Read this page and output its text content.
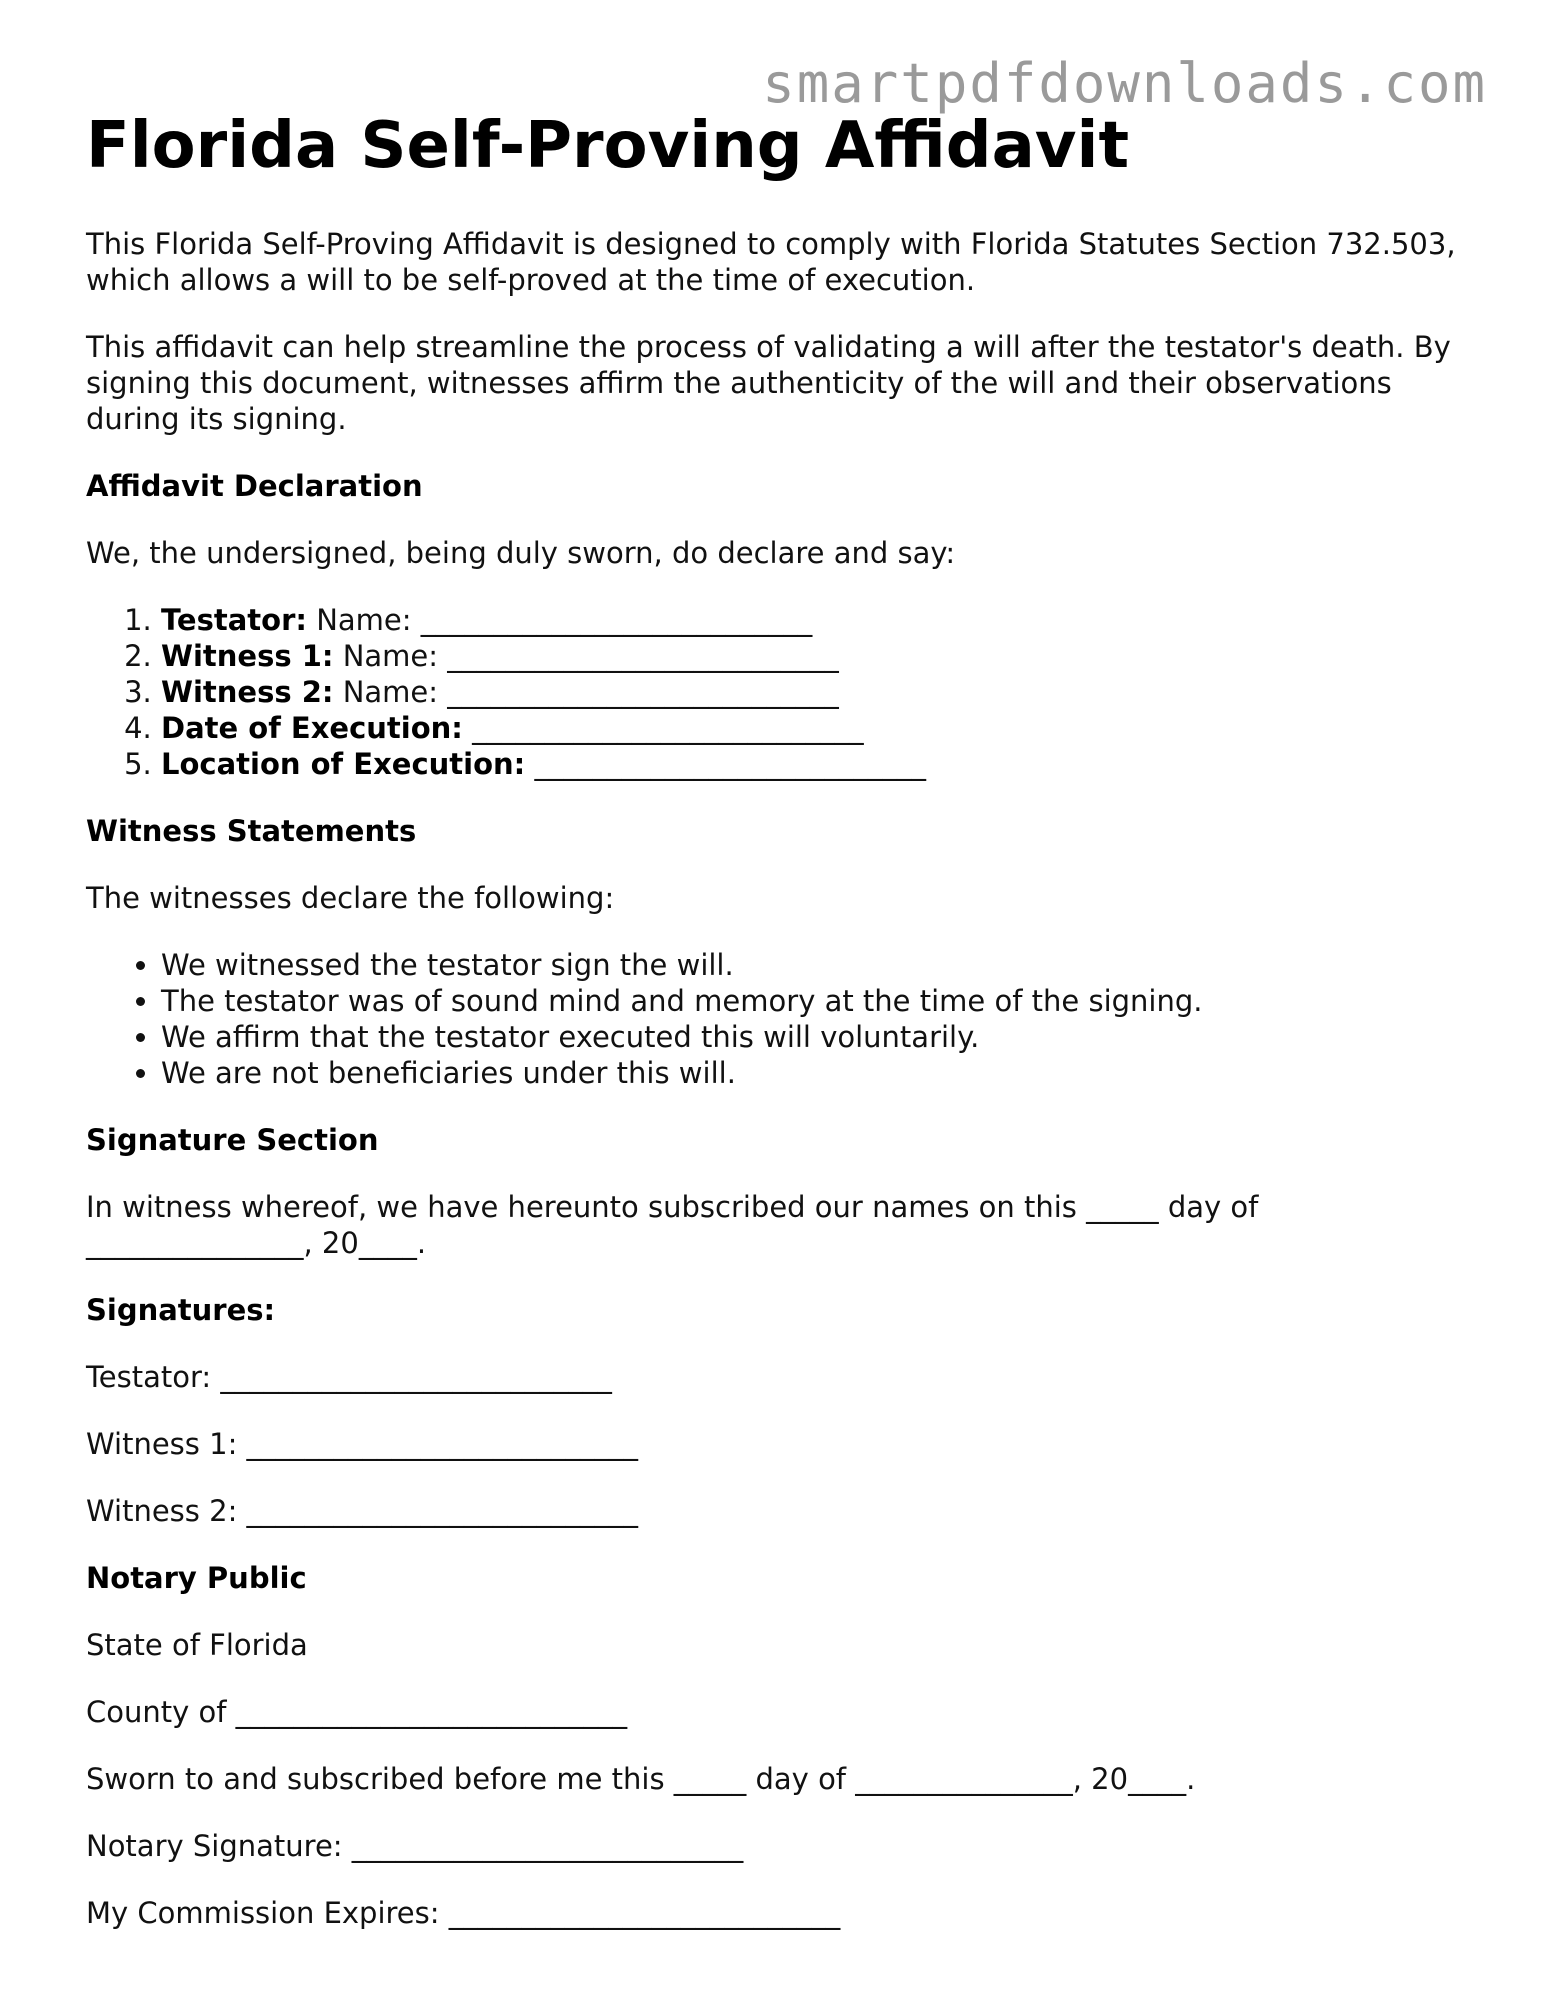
smartpdfdownloads.com
Florida Self-Proving Affidavit

This Florida Self-Proving Affidavit is designed to comply with Florida Statutes Section 732.503, which allows a will to be self-proved at the time of execution.

This affidavit can help streamline the process of validating a will after the testator's death. By signing this document, witnesses affirm the authenticity of the will and their observations during its signing.

Affidavit Declaration

We, the undersigned, being duly sworn, do declare and say:

1. Testator: Name: ___________________________
2. Witness 1: Name: ___________________________
3. Witness 2: Name: ___________________________
4. Date of Execution: ___________________________
5. Location of Execution: ___________________________
Witness Statements

The witnesses declare the following:

• We witnessed the testator sign the will.
• The testator was of sound mind and memory at the time of the signing.
• We affirm that the testator executed this will voluntarily.
• We are not beneficiaries under this will.
Signature Section

In witness whereof, we have hereunto subscribed our names on this _____ day of _______________, 20____.

Signatures:

Testator: ___________________________

Witness 1: ___________________________

Witness 2: ___________________________

Notary Public

State of Florida

County of ___________________________

Sworn to and subscribed before me this _____ day of _______________, 20____.

Notary Signature: ___________________________

My Commission Expires: ___________________________
